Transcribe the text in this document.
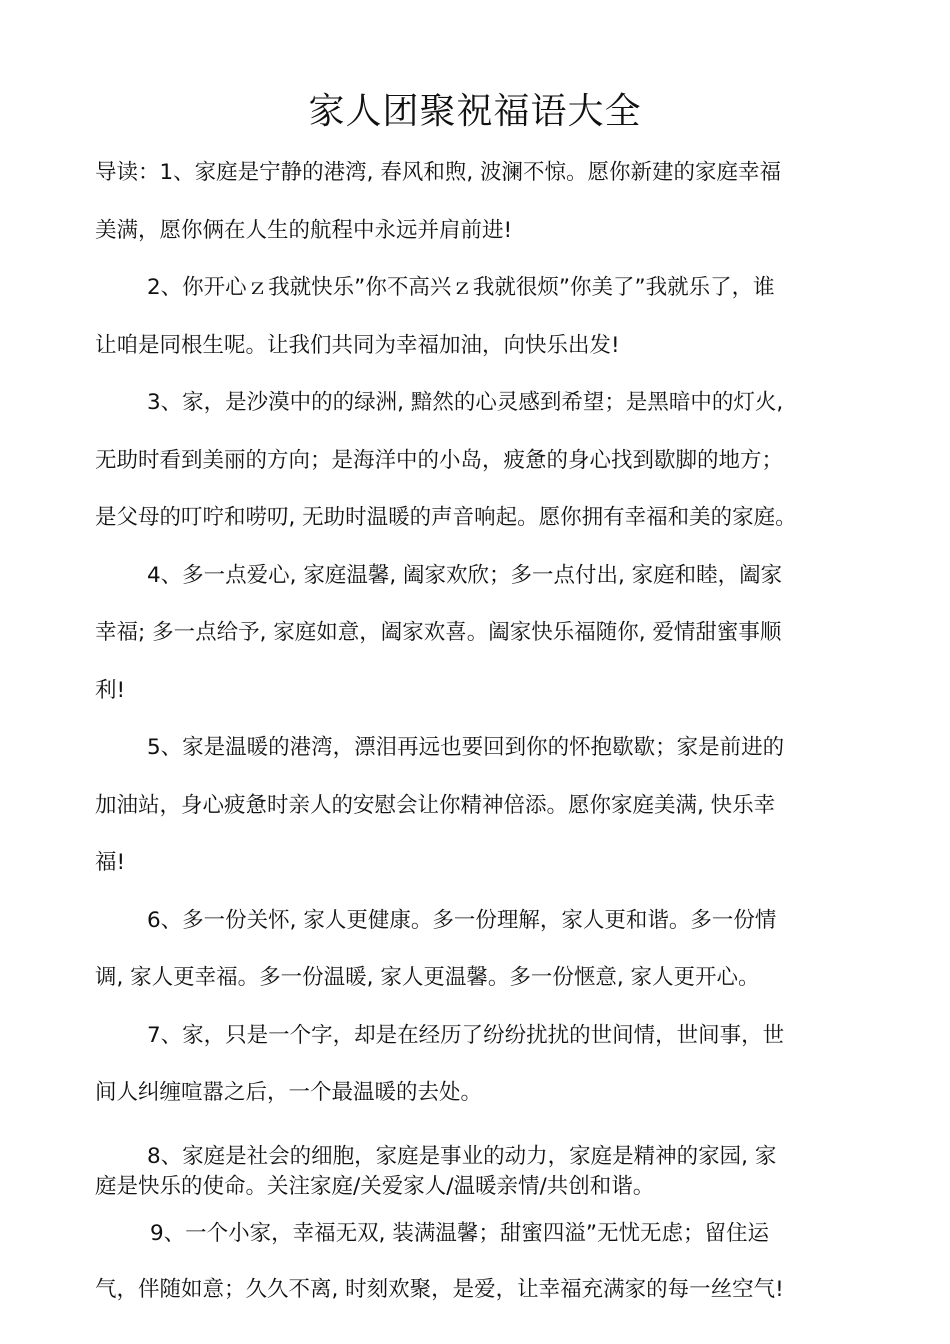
家人团聚祝福语大全
导读：1、家庭是宁静的港湾, 春风和煦, 波澜不惊。愿你新建的家庭幸福
美满，愿你俩在人生的航程中永远并肩前进!
2、你开心ｚ我就快乐”你不高兴ｚ我就很烦”你美了”我就乐了，谁
让咱是同根生呢。让我们共同为幸福加油，向快乐出发!
3、家，是沙漠中的的绿洲, 黯然的心灵感到希望；是黑暗中的灯火,
无助时看到美丽的方向；是海洋中的小岛，疲惫的身心找到歇脚的地方；
是父母的叮咛和唠叨, 无助时温暖的声音响起。愿你拥有幸福和美的家庭。
4、多一点爱心, 家庭温馨, 阖家欢欣；多一点付出, 家庭和睦，阖家
幸福; 多一点给予, 家庭如意，阖家欢喜。阖家快乐福随你, 爱情甜蜜事顺
利!
5、家是温暖的港湾，漂泪再远也要回到你的怀抱歇歇；家是前进的
加油站，身心疲惫时亲人的安慰会让你精神倍添。愿你家庭美满, 快乐幸
福!
6、多一份关怀, 家人更健康。多一份理解，家人更和谐。多一份情
调, 家人更幸福。多一份温暖, 家人更温馨。多一份惬意, 家人更开心。
7、家，只是一个字，却是在经历了纷纷扰扰的世间情，世间事，世
间人纠缠喧嚣之后，一个最温暖的去处。
8、家庭是社会的细胞，家庭是事业的动力，家庭是精神的家园, 家
庭是快乐的使命。关注家庭/关爱家人/温暖亲情/共创和谐。
9、一个小家，幸福无双, 装满温馨；甜蜜四溢”无忧无虑；留住运
气，伴随如意；久久不离, 时刻欢聚，是爱，让幸福充满家的每一丝空气!
